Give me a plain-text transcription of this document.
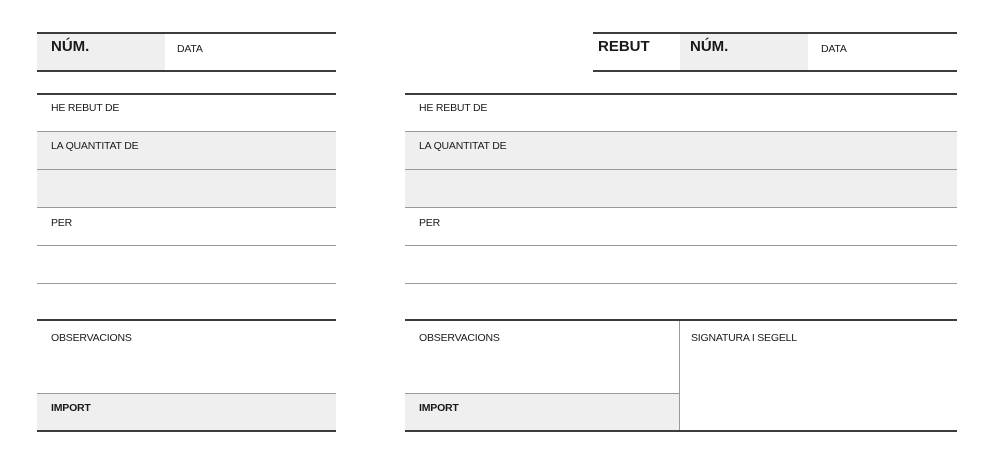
NÚM.	DATA
HE REBUT DE
LA QUANTITAT DE
PER
OBSERVACIONS
IMPORT
REBUT	NÚM.	DATA
HE REBUT DE
LA QUANTITAT DE
PER
OBSERVACIONS
IMPORT
SIGNATURA I SEGELL
